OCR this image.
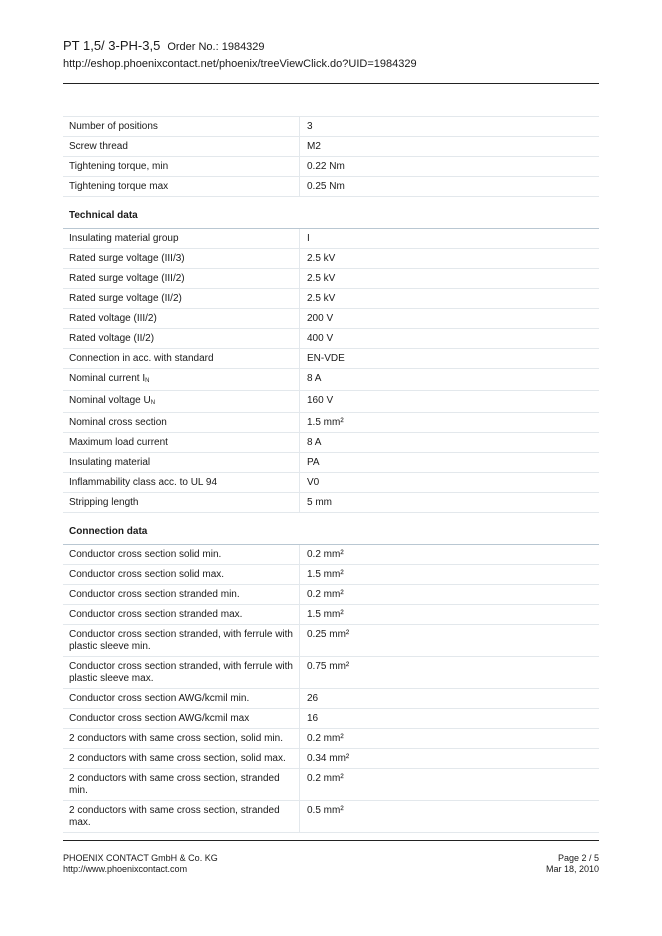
PT 1,5/ 3-PH-3,5 Order No.: 1984329
http://eshop.phoenixcontact.net/phoenix/treeViewClick.do?UID=1984329
Number of positions	3
Screw thread	M2
Tightening torque, min	0.22 Nm
Tightening torque max	0.25 Nm
Technical data	
Insulating material group	I
Rated surge voltage (III/3)	2.5 kV
Rated surge voltage (III/2)	2.5 kV
Rated surge voltage (II/2)	2.5 kV
Rated voltage (III/2)	200 V
Rated voltage (II/2)	400 V
Connection in acc. with standard	EN-VDE
Nominal current $I_N$	8 A
Nominal voltage $U_N$	160 V
Nominal cross section	1.5 mm²
Maximum load current	8 A
Insulating material	PA
Inflammability class acc. to UL 94	V0
Stripping length	5 mm
Connection data	
Conductor cross section solid min.	0.2 mm²
Conductor cross section solid max.	1.5 mm²
Conductor cross section stranded min.	0.2 mm²
Conductor cross section stranded max.	1.5 mm²
Conductor cross section stranded, with ferrule with plastic sleeve min.	0.25 mm²
Conductor cross section stranded, with ferrule with plastic sleeve max.	0.75 mm²
Conductor cross section AWG/kcmil min.	26
Conductor cross section AWG/kcmil max	16
2 conductors with same cross section, solid min.	0.2 mm²
2 conductors with same cross section, solid max.	0.34 mm²
2 conductors with same cross section, stranded min.	0.2 mm²
2 conductors with same cross section, stranded max.	0.5 mm²
PHOENIX CONTACT GmbH & Co. KG
http://www.phoenixcontact.com
Page 2 / 5
Mar 18, 2010
